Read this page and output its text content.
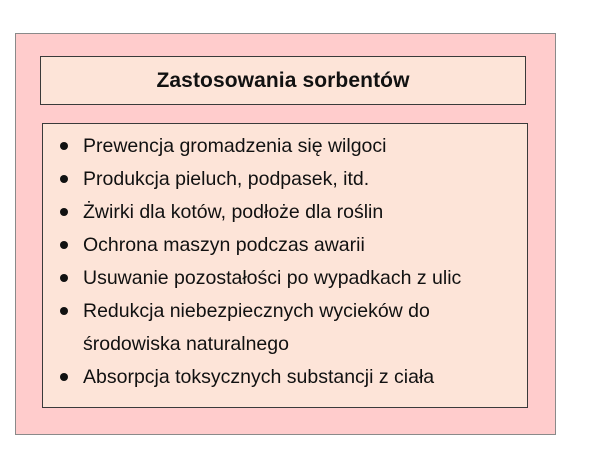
Zastosowania sorbentów
Prewencja gromadzenia się wilgoci
Produkcja pieluch, podpasek, itd.
Żwirki dla kotów, podłoże dla roślin
Ochrona maszyn podczas awarii
Usuwanie pozostałości po wypadkach z ulic
Redukcja niebezpiecznych wycieków do
środowiska naturalnego
Absorpcja toksycznych substancji z ciała
